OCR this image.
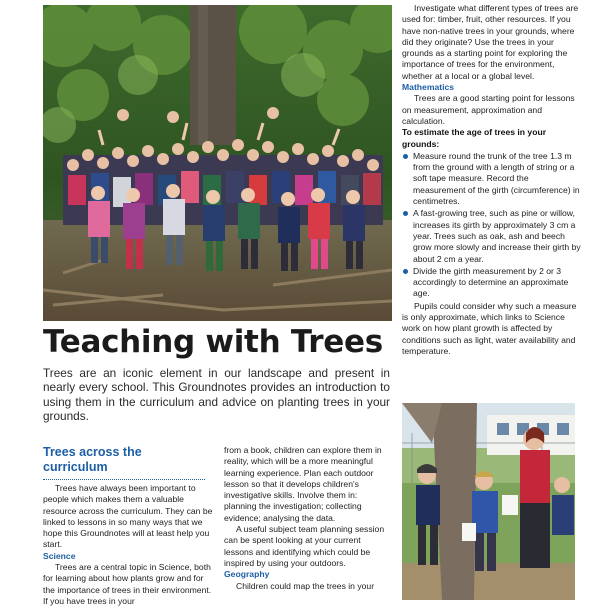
Investigate what different types of trees are used for: timber, fruit, other resources. If you have non-native trees in your grounds, where did they originate? Use the trees in your grounds as a starting point for exploring the importance of trees for the environment, whether at a local or a global level.

Mathematics

Trees are a good starting point for lessons on measurement, approximation and calculation.

To estimate the age of trees in your grounds:

Measure round the trunk of the tree 1.3 m from the ground with a length of string or a soft tape measure. Record the measurement of the girth (circumference) in centimetres.
A fast-growing tree, such as pine or willow, increases its girth by approximately 3 cm a year. Trees such as oak, ash and beech grow more slowly and increase their girth by about 2 cm a year.
Divide the girth measurement by 2 or 3 accordingly to determine an approximate age.

Pupils could consider why such a measure is only approximate, which links to Science work on how plant growth is affected by conditions such as light, water availability and temperature.

Teaching with Trees

Trees are an iconic element in our landscape and present in nearly every school. This Groundnotes provides an introduction to using them in the curriculum and advice on planting trees in your grounds.

Trees across the curriculum

Trees have always been important to people which makes them a valuable resource across the curriculum. They can be linked to lessons in so many ways that we hope this Groundnotes will at least help you start.

Science

Trees are a central topic in Science, both for learning about how plants grow and for the importance of trees in their environment. If you have trees in your

from a book, children can explore them in reality, which will be a more meaningful learning experience. Plan each outdoor lesson so that it develops children's investigative skills. Involve them in: planning the investigation; collecting evidence; analysing the data.

A useful subject team planning session can be spent looking at your current lessons and identifying which could be inspired by using your outdoors.

Geography

Children could map the trees in your
